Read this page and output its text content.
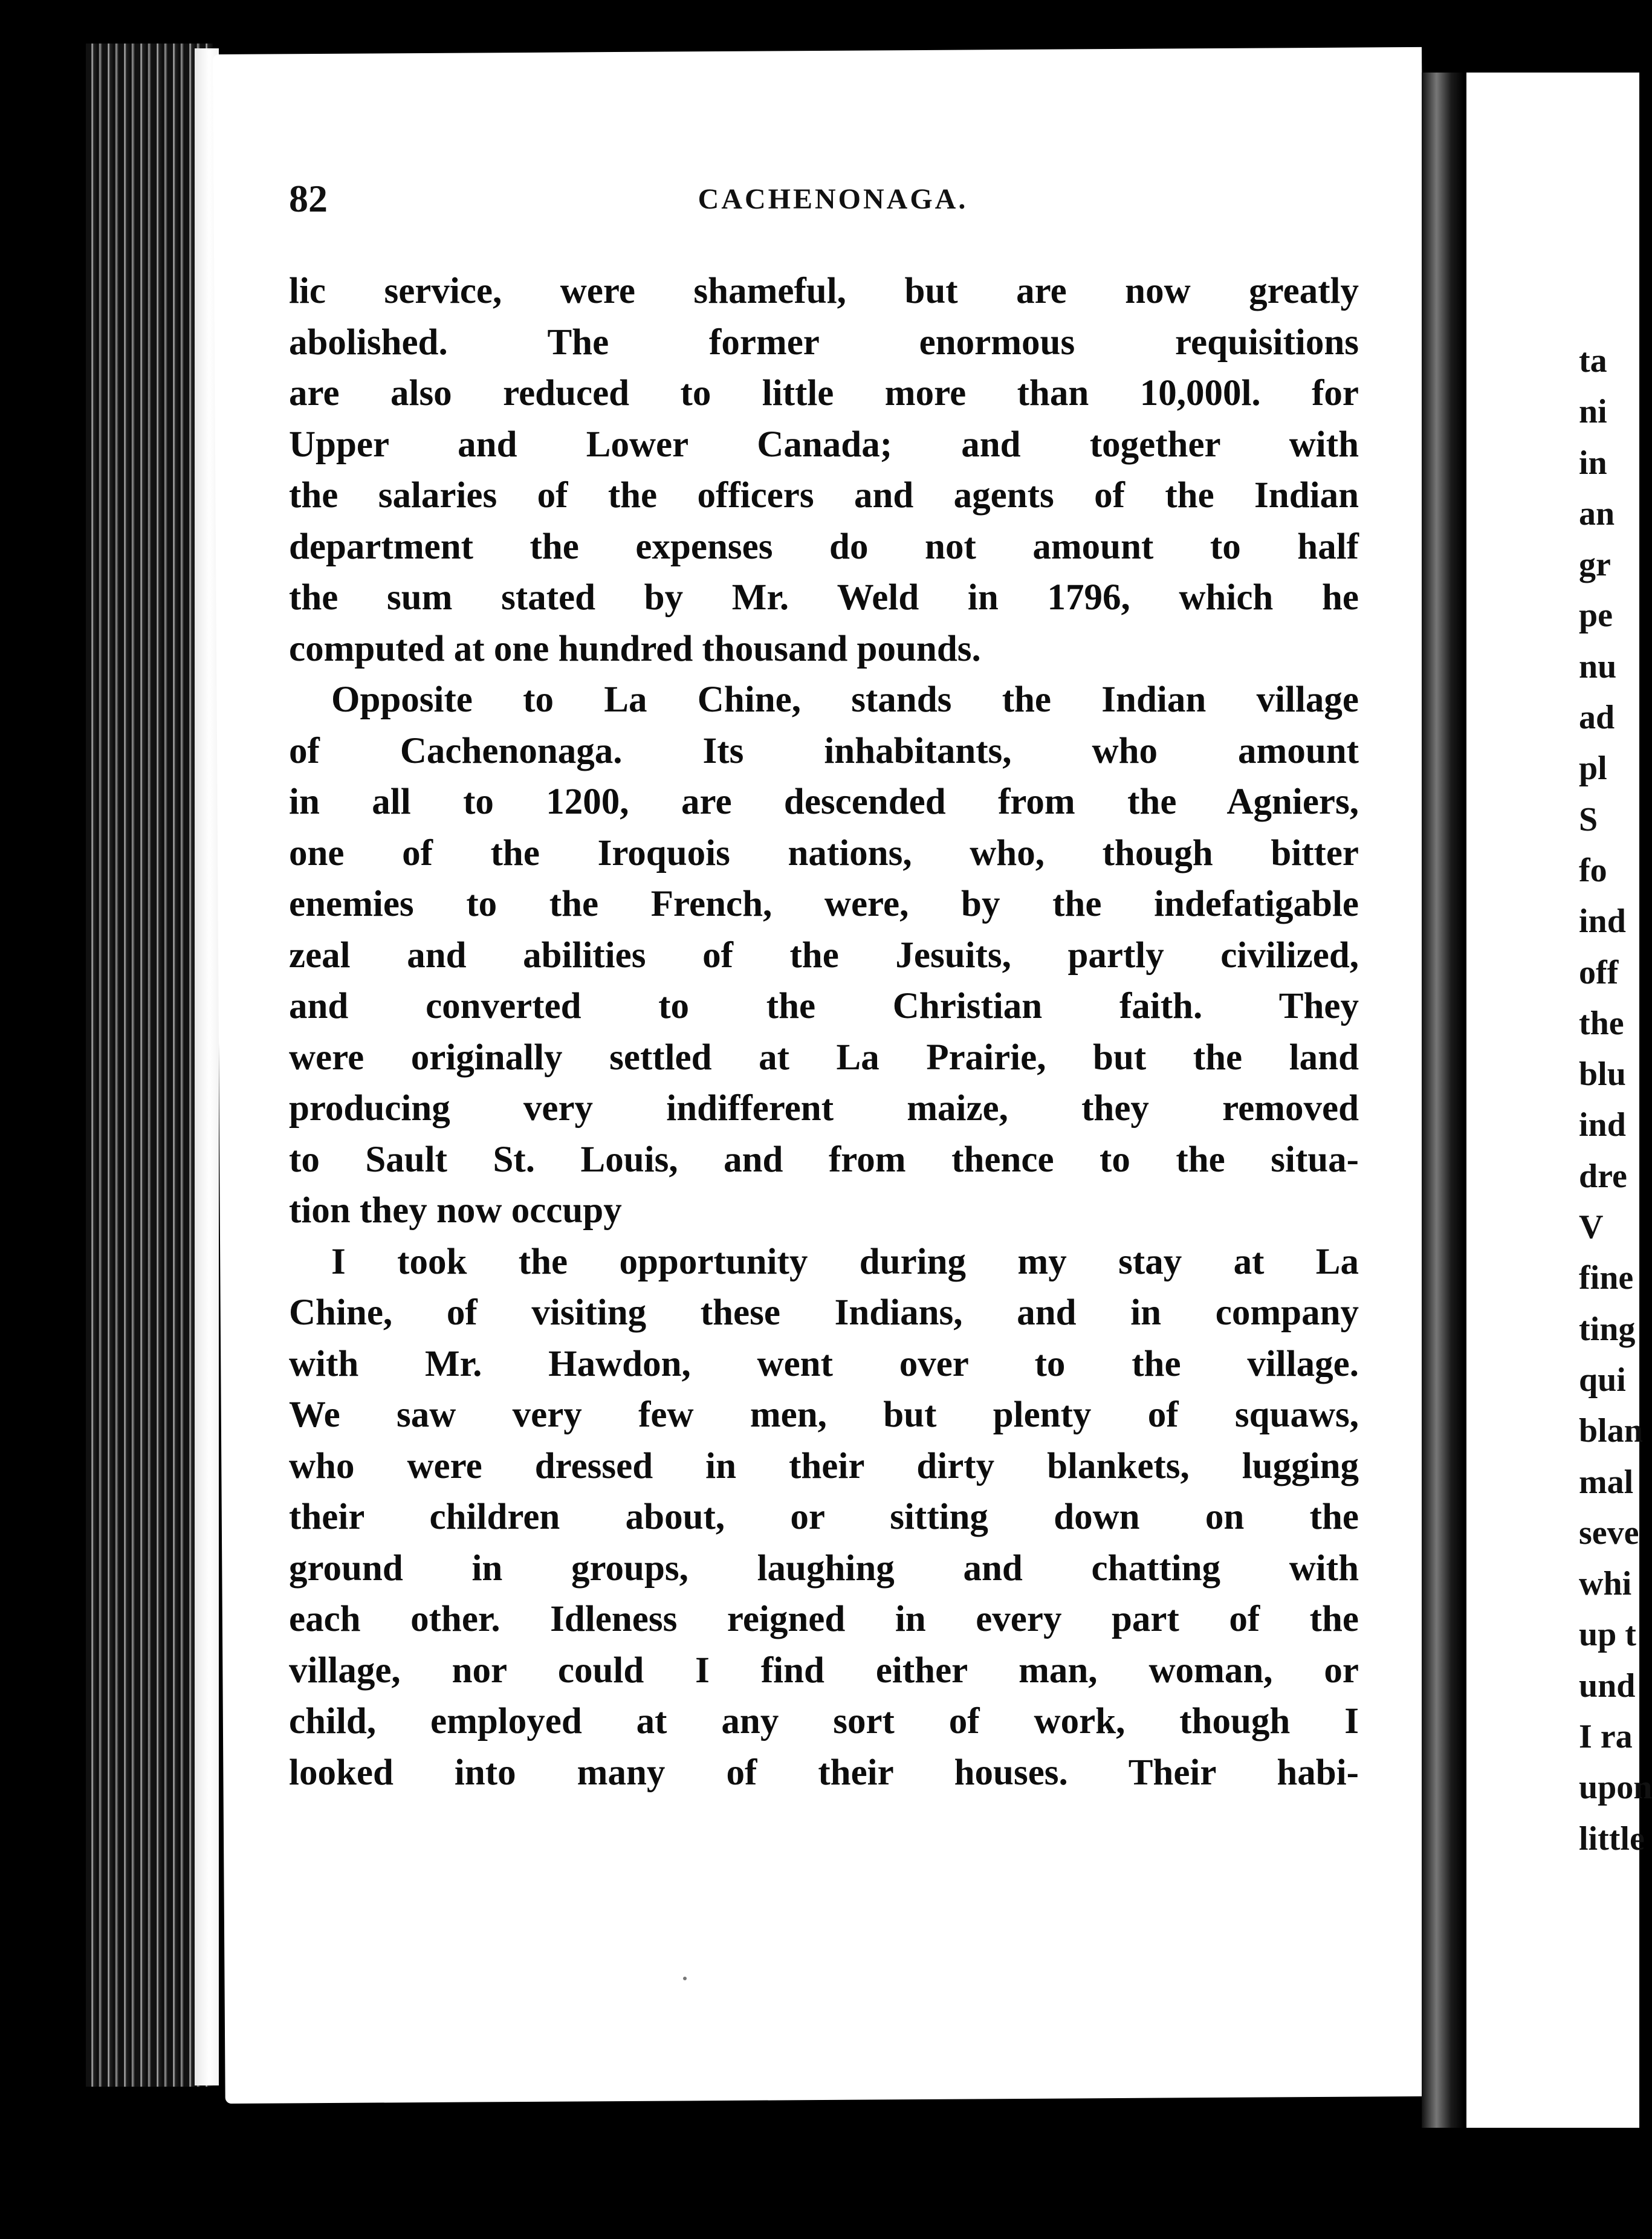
82	CACHENONAGA.
lic service, were shameful, but are now greatly
abolished. The former enormous requisitions
are also reduced to little more than 10,000l. for
Upper and Lower Canada; and together with
the salaries of the officers and agents of the Indian
department the expenses do not amount to half
the sum stated by Mr. Weld in 1796, which he
computed at one hundred thousand pounds.
Opposite to La Chine, stands the Indian village
of Cachenonaga. Its inhabitants, who amount
in all to 1200, are descended from the Agniers,
one of the Iroquois nations, who, though bitter
enemies to the French, were, by the indefatigable
zeal and abilities of the Jesuits, partly civilized,
and converted to the Christian faith. They
were originally settled at La Prairie, but the land
producing very indifferent maize, they removed
to Sault St. Louis, and from thence to the situa-
tion they now occupy
I took the opportunity during my stay at La
Chine, of visiting these Indians, and in company
with Mr. Hawdon, went over to the village.
We saw very few men, but plenty of squaws,
who were dressed in their dirty blankets, lugging
their children about, or sitting down on the
ground in groups, laughing and chatting with
each other. Idleness reigned in every part of the
village, nor could I find either man, woman, or
child, employed at any sort of work, though I
looked into many of their houses. Their habi-
ta
ni
in
an
gr
pe
nu
ad
pl
S
fo
ind
off
the
blu
ind
dre
V
fine
ting
qui
blan
mal
seve
whi
up t
und
I ra
upon
little
